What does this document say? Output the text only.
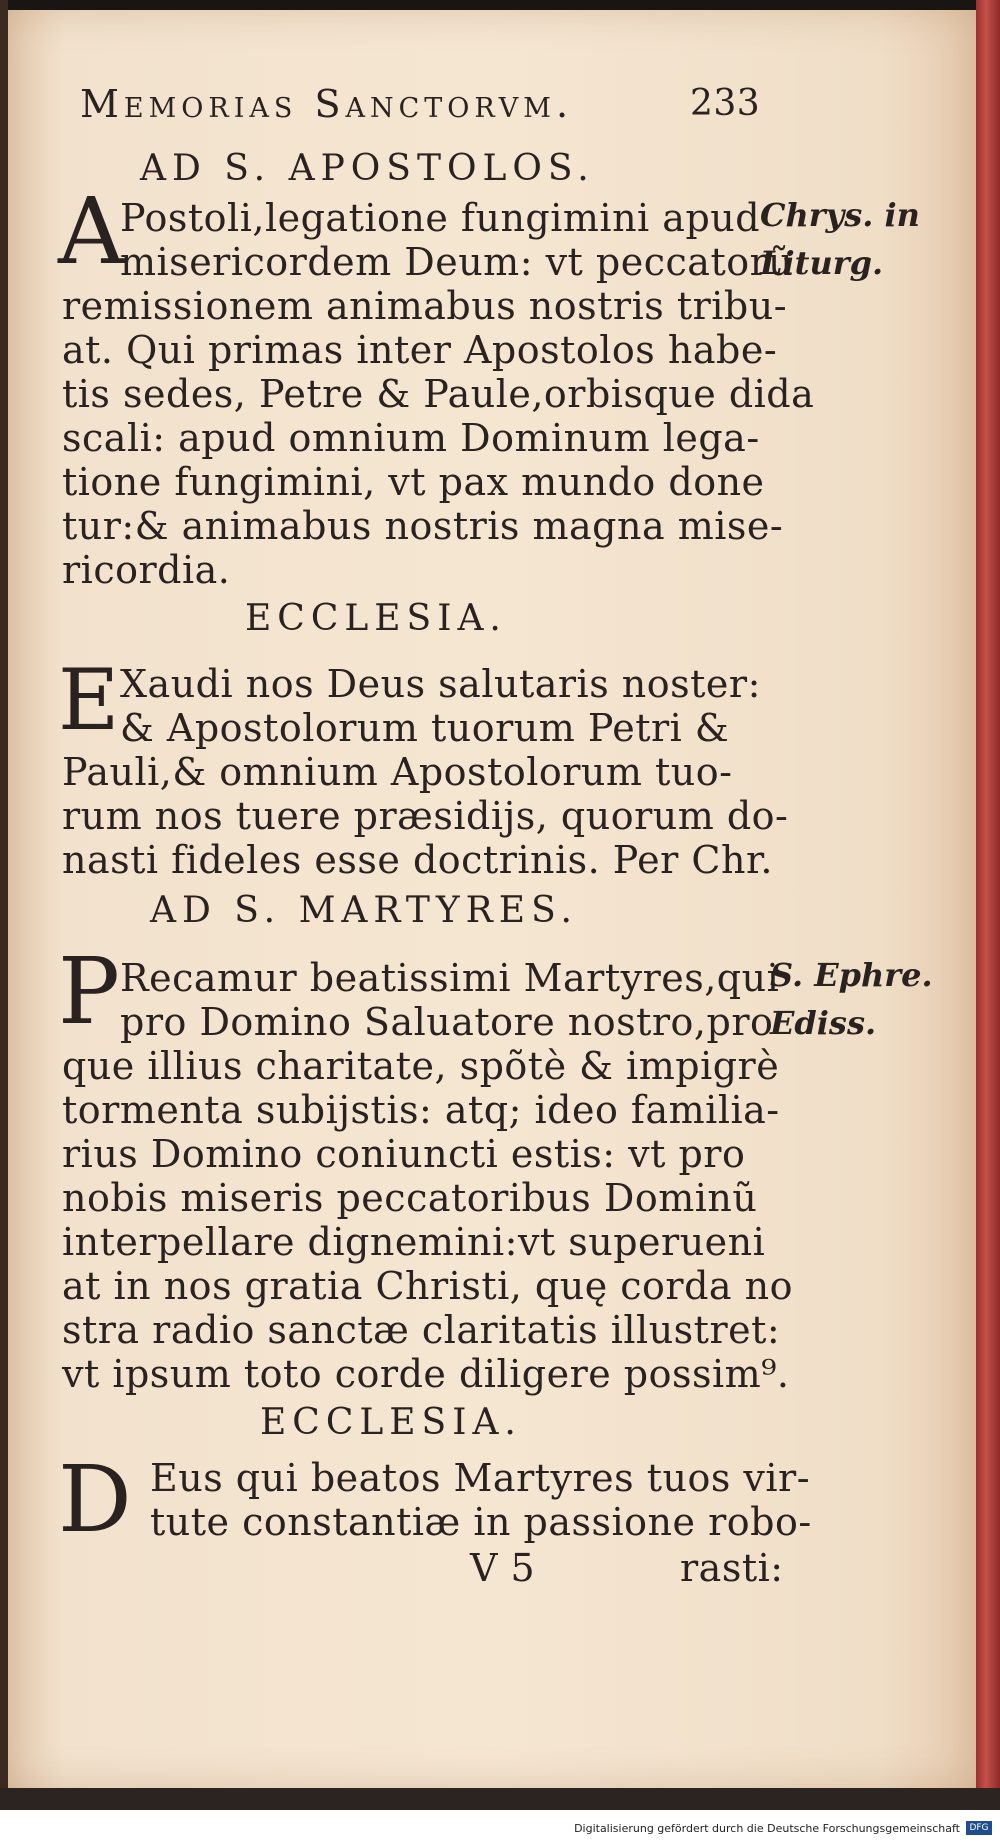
Memorias Sanctorvm.	233
AD S. APOSTOLOS.
A	Chrys. in
Liturg.
Postoli,legatione fungimini apud
misericordem Deum: vt peccatorũ
remissionem animabus nostris tribu-
at. Qui primas inter Apostolos habe-
tis sedes, Petre & Paule,orbisque dida
scali: apud omnium Dominum lega-
tione fungimini, vt pax mundo done
tur:& animabus nostris magna mise-
ricordia.
ECCLESIA.
E Xaudi nos Deus salutaris noster:
& Apostolorum tuorum Petri &
Pauli,& omnium Apostolorum tuo-
rum nos tuere præsidijs, quorum do-
nasti fideles esse doctrinis. Per Chr.
AD S. MARTYRES.
P	S. Ephre.
Ediss.
Recamur beatissimi Martyres,qui
pro Domino Saluatore nostro,pro
que illius charitate, spõtè & impigrè
tormenta subijstis: atq; ideo familia-
rius Domino coniuncti estis: vt pro
nobis miseris peccatoribus Dominũ
interpellare dignemini:vt superueni
at in nos gratia Christi, quę corda no
stra radio sanctæ claritatis illustret:
vt ipsum toto corde diligere possim⁹.
ECCLESIA.
D Eus qui beatos Martyres tuos vir-
tute constantiæ in passione robo-
V 5	rasti:
Digitalisierung gefördert durch die Deutsche Forschungsgemeinschaft	DFG
